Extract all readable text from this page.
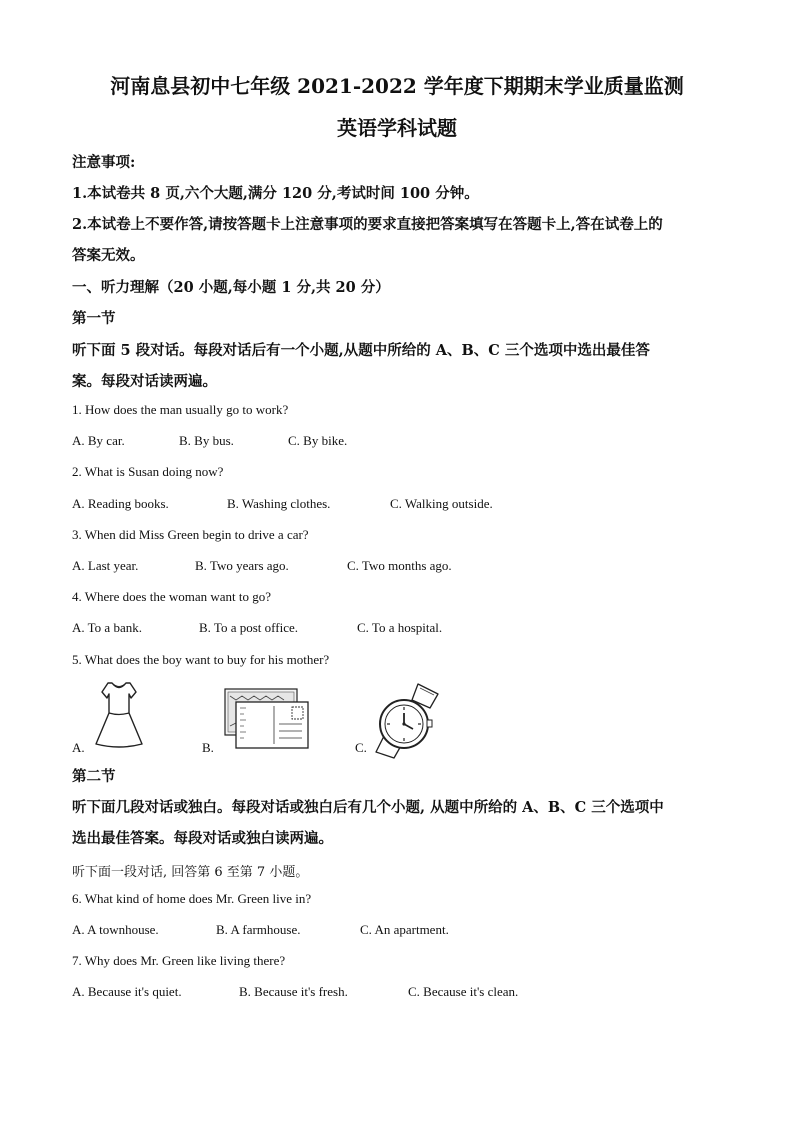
河南息县初中七年级 2021-2022 学年度下期期末学业质量监测
英语学科试题
注意事项:
1.本试卷共 8 页,六个大题,满分 120 分,考试时间 100 分钟。
2.本试卷上不要作答,请按答题卡上注意事项的要求直接把答案填写在答题卡上,答在试卷上的
答案无效。
一、听力理解（20 小题,每小题 1 分,共 20 分）
第一节
听下面 5 段对话。每段对话后有一个小题,从题中所给的 A、B、C 三个选项中选出最佳答
案。每段对话读两遍。
1. How does the man usually go to work?
A. By car.	B. By bus.	C. By bike.
2. What is Susan doing now?
A. Reading books.	B. Washing clothes.	C. Walking outside.
3. When did Miss Green begin to drive a car?
A. Last year.	B. Two years ago.	C. Two months ago.
4. Where does the woman want to go?
A. To a bank.	B. To a post office.	C. To a hospital.
5. What does the boy want to buy for his mother?
A.	B.	C.
第二节
听下面几段对话或独白。每段对话或独白后有几个小题, 从题中所给的 A、B、C 三个选项中
选出最佳答案。每段对话或独白读两遍。
听下面一段对话, 回答第 6 至第 7 小题。
6. What kind of home does Mr. Green live in?
A. A townhouse.	B. A farmhouse.	C. An apartment.
7. Why does Mr. Green like living there?
A. Because it's quiet.	B. Because it's fresh.	C. Because it's clean.
